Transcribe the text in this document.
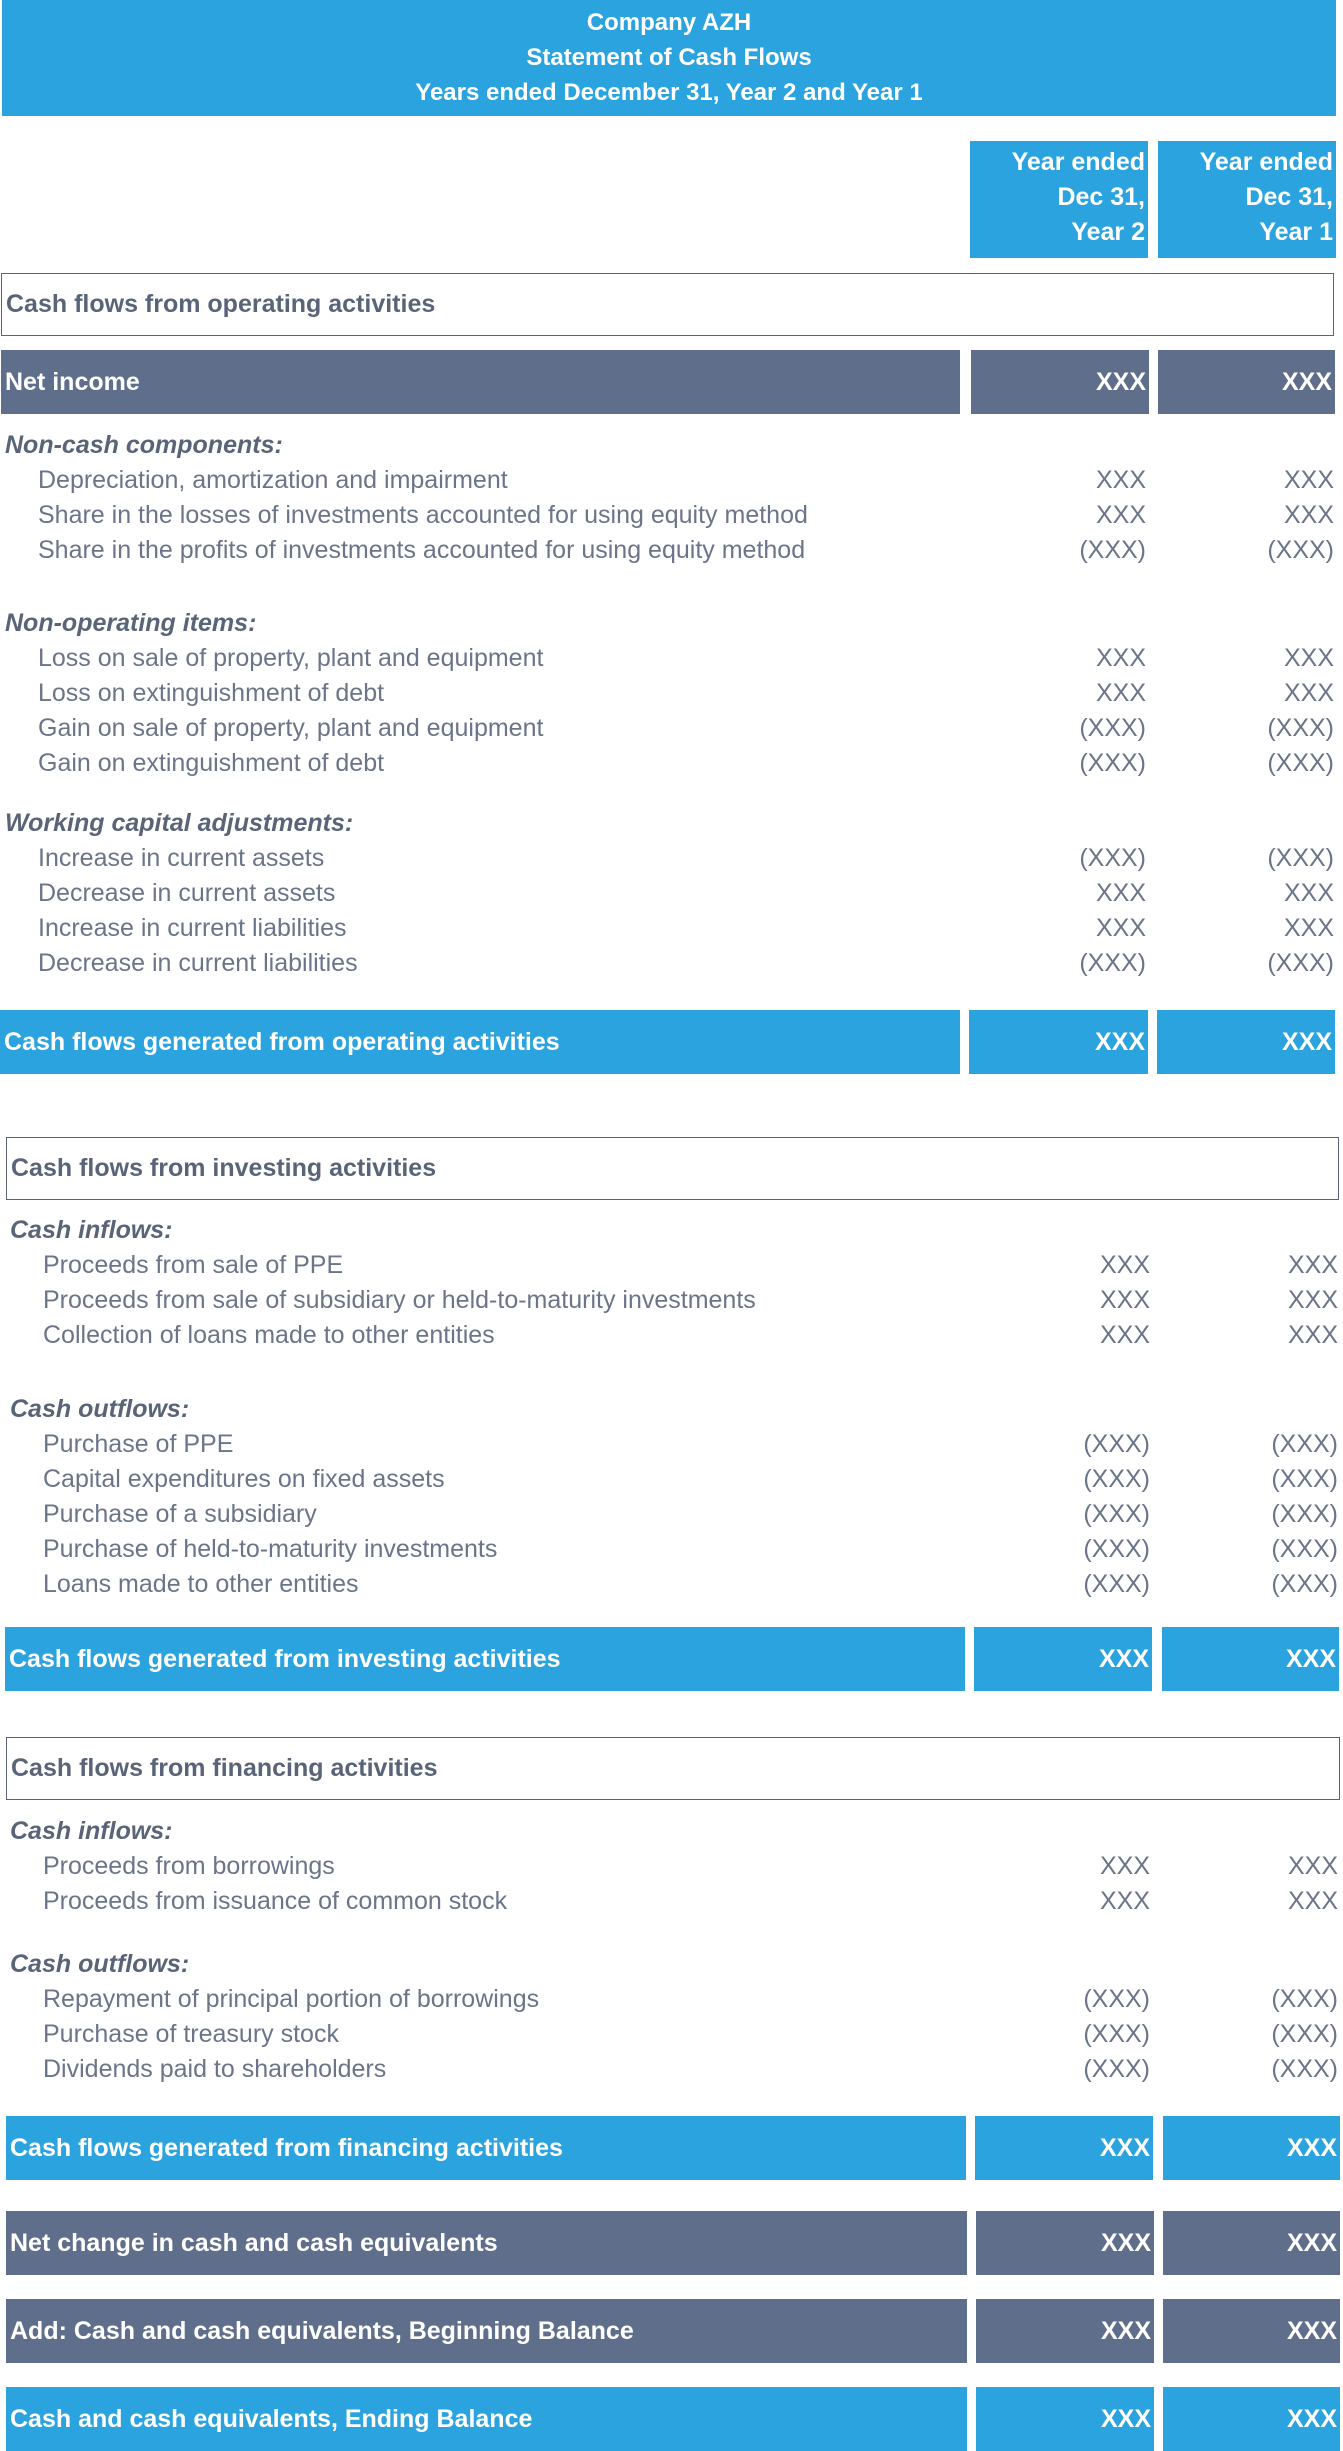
Company AZH
Statement of Cash Flows
Years ended December 31, Year 2 and Year 1
Year ended
Dec 31,
Year 2
Year ended
Dec 31,
Year 1
Cash flows from operating activities
Net income	XXX	XXX
Non-cash components:
Depreciation, amortization and impairment	XXX	XXX
Share in the losses of investments accounted for using equity method	XXX	XXX
Share in the profits of investments accounted for using equity method	(XXX)	(XXX)
Non-operating items:
Loss on sale of property, plant and equipment	XXX	XXX
Loss on extinguishment of debt	XXX	XXX
Gain on sale of property, plant and equipment	(XXX)	(XXX)
Gain on extinguishment of debt	(XXX)	(XXX)
Working capital adjustments:
Increase in current assets	(XXX)	(XXX)
Decrease in current assets	XXX	XXX
Increase in current liabilities	XXX	XXX
Decrease in current liabilities	(XXX)	(XXX)
Cash flows generated from operating activities	XXX	XXX
Cash flows from investing activities
Cash inflows:
Proceeds from sale of PPE	XXX	XXX
Proceeds from sale of subsidiary or held-to-maturity investments	XXX	XXX
Collection of loans made to other entities	XXX	XXX
Cash outflows:
Purchase of PPE	(XXX)	(XXX)
Capital expenditures on fixed assets	(XXX)	(XXX)
Purchase of a subsidiary	(XXX)	(XXX)
Purchase of held-to-maturity investments	(XXX)	(XXX)
Loans made to other entities	(XXX)	(XXX)
Cash flows generated from investing activities	XXX	XXX
Cash flows from financing activities
Cash inflows:
Proceeds from borrowings	XXX	XXX
Proceeds from issuance of common stock	XXX	XXX
Cash outflows:
Repayment of principal portion of borrowings	(XXX)	(XXX)
Purchase of treasury stock	(XXX)	(XXX)
Dividends paid to shareholders	(XXX)	(XXX)
Cash flows generated from financing activities	XXX	XXX
Net change in cash and cash equivalents	XXX	XXX
Add: Cash and cash equivalents, Beginning Balance	XXX	XXX
Cash and cash equivalents, Ending Balance	XXX	XXX
